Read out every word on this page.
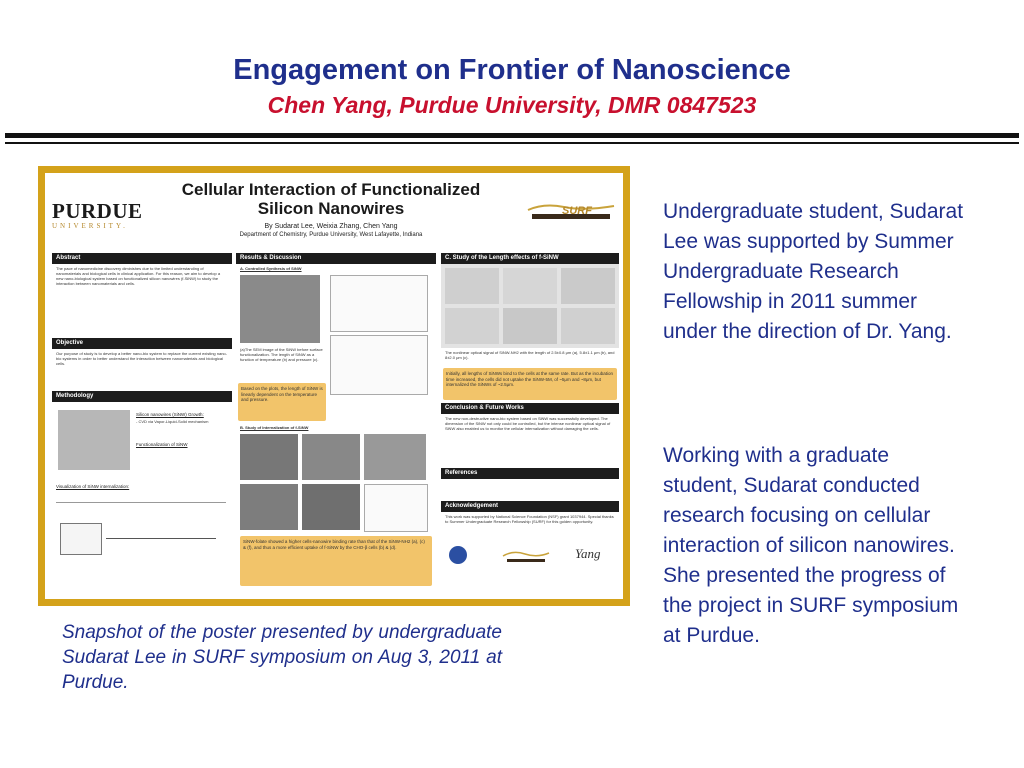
Engagement on Frontier of Nanoscience
Chen Yang, Purdue University, DMR 0847523
PURDUE
UNIVERSITY.
Cellular Interaction of Functionalized
Silicon Nanowires
By Sudarat Lee, Weixia Zhang, Chen Yang
Department of Chemistry, Purdue University, West Lafayette, Indiana
SURF
Abstract
The pace of nanomedicine discovery diminishes due to the limited understanding of nanomaterials and biological cells in clinical application. For this reason, we aim to develop a new nano-biological system based on functionalized silicon nanowires (f-SiNW) to study the interaction between nanomaterials and cells.
Objective
Our purpose of study is to develop a better nano-bio system to replace the current existing nano-bio systems in order to better understand the interaction between nanomaterials and biological cells.
Methodology
Silicon nanowires (SiNW) Growth:
- CVD via Vapor-Liquid-Solid mechanism
Functionalization of SiNW
Visualization of SiNW internalization:
Results & Discussion
A. Controlled Synthesis of SiNW
(a)The SEM image of the SiNW before surface functionalization. The length of SiNW as a function of temperature (b) and pressure (c).
Based on the plots, the length of SiNW is linearly dependent on the temperature and pressure.
B. Study of Internalization of f-SiNW
SiNW-folate showed a higher cells-nanowire binding rate than that of the SiNW-NH2 (a), (c) & (f), and thus a more efficient uptake of f-SiNW by the CHO-β cells (b) & (d).
C. Study of the Length effects of f-SiNW
The nonlinear optical signal of SiNW-NH2 with the length of 2.5±0.8 μm (a), 5.8±1.1 μm (b), and 8±2.0 μm (c).
Initially, all lengths of SiNWs bind to the cells at the same rate. But as the incubation time increased, the cells did not uptake the SiNW-5M, of ~5μm and ~8μm, but internalized the SiNWs of ~2.5μm.
Conclusion & Future Works
The new non-destructive nano-bio system based on SiNW was successfully developed. The dimension of the SiNW not only could be controlled, but the intense nonlinear optical signal of SiNW also enabled us to monitor the cellular internalization without damaging the cells.
References
Acknowledgement
This work was supported by National Science Foundation (NSF) grant 1037944. Special thanks to Summer Undergraduate Research Fellowship (SURF) for this golden opportunity.
Yang
Snapshot of the poster presented by undergraduate Sudarat Lee in SURF symposium on Aug 3, 2011 at Purdue.
Undergraduate student, Sudarat Lee was supported by Summer Undergraduate Research Fellowship in 2011 summer under the direction of Dr. Yang.
Working with a graduate student, Sudarat conducted research focusing on cellular interaction of silicon nanowires. She presented the progress of the project in SURF symposium at Purdue.
